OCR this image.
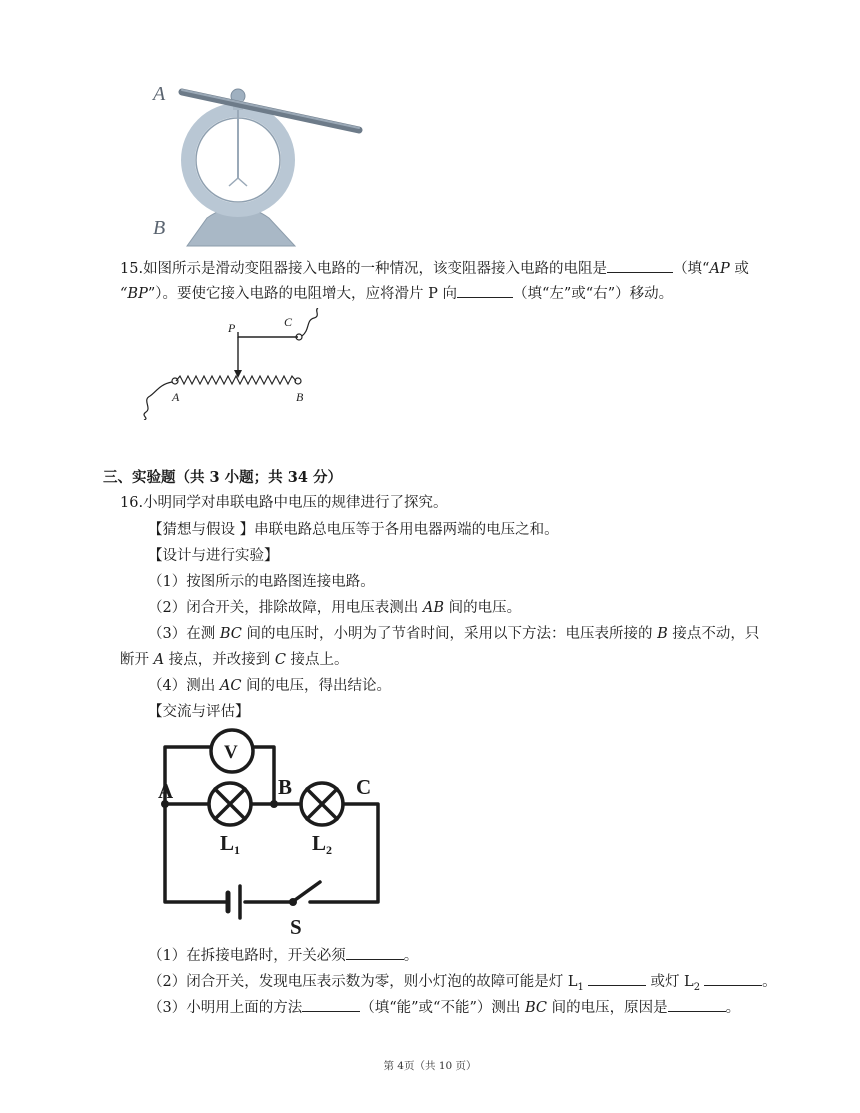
A
B
15.如图所示是滑动变阻器接入电路的一种情况，该变阻器接入电路的电阻是	（填“AP 或
“BP”）。要使它接入电路的电阻增大，应将滑片 P 向	（填“左”或“右”）移动。
P	C
A	B
三、实验题（共 3 小题；共 34 分）
16.小明同学对串联电路中电压的规律进行了探究。
【猜想与假设 】串联电路总电压等于各用电器两端的电压之和。
【设计与进行实验】
（1）按图所示的电路图连接电路。
（2）闭合开关，排除故障，用电压表测出 AB 间的电压。
（3）在测 BC 间的电压时，小明为了节省时间，采用以下方法：电压表所接的 B 接点不动，只
断开 A 接点，并改接到 C 接点上。
（4）测出 AC 间的电压，得出结论。
【交流与评估】
A	B	C
V
L1	L2
S
（1）在拆接电路时，开关必须	。
（2）闭合开关，发现电压表示数为零，则小灯泡的故障可能是灯 $L_1$	或灯 $L_2$	。
（3）小明用上面的方法	（填“能”或“不能”）测出 BC 间的电压，原因是	。
第 4页（共 10 页）
